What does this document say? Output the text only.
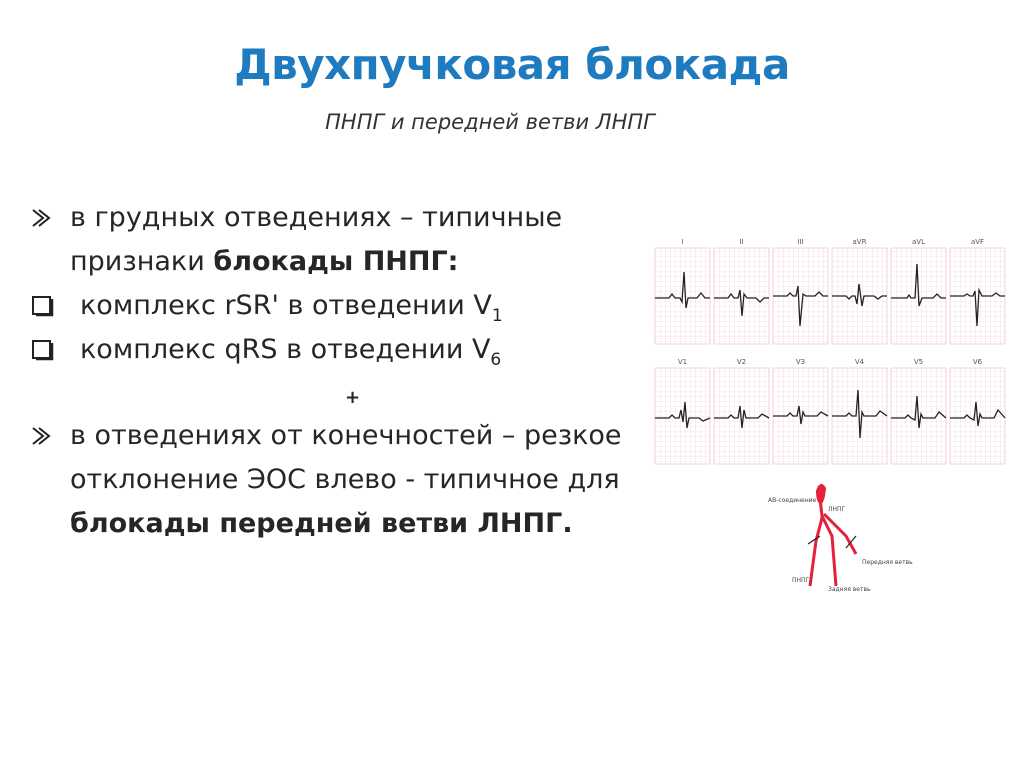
Двухпучковая блокада
ПНПГ и передней ветви ЛНПГ
в грудных отведениях – типичные признаки блокады ПНПГ:
комплекс rSR' в отведении $V_1$
комплекс qRS в отведении $V_6$
+
в отведениях от конечностей – резкое отклонение ЭОС влево - типичное для блокады передней ветви ЛНПГ.
I	II	III	aVR	aVL	aVF
V1	V2	V3	V4	V5	V6
АВ-соединение
ЛНПГ
ПНПГ
Задняя ветвь
Передняя ветвь
